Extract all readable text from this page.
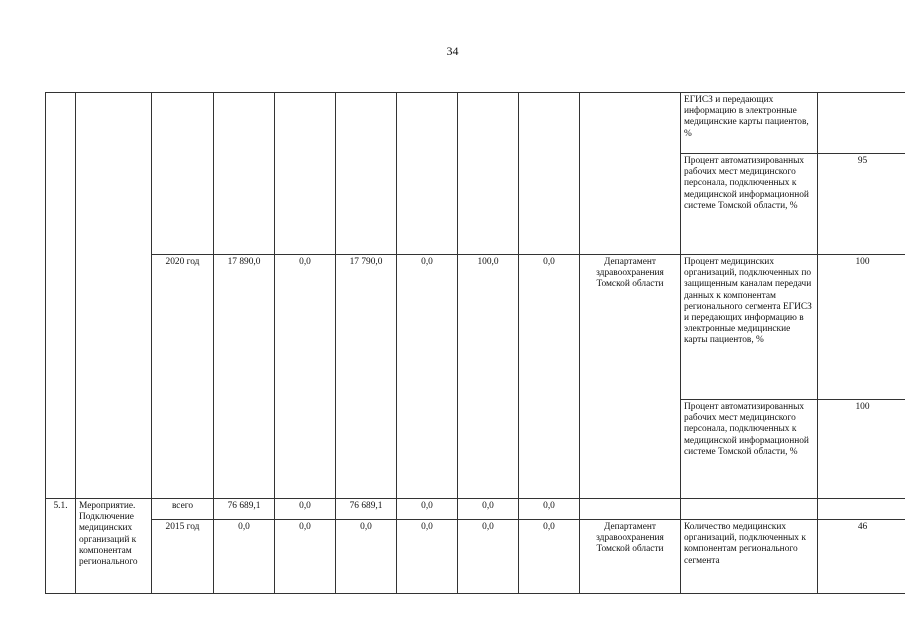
34
										ЕГИСЗ и передающих информацию в электронные медицинские карты пациентов, %	
										Процент автоматизированных рабочих мест медицинского персонала, подключенных к медицинской информационной системе Томской области, %	95
		2020 год	17 890,0	0,0	17 790,0	0,0	100,0	0,0	Департамент здравоохранения Томской области	Процент медицинских организаций, подключенных по защищенным каналам передачи данных к компонентам регионального сегмента ЕГИСЗ и передающих информацию в электронные медицинские карты пациентов, %	100
										Процент автоматизированных рабочих мест медицинского персонала, подключенных к медицинской информационной системе Томской области, %	100
5.1.	Мероприятие. Подключение медицинских организаций к компонентам регионального	всего	76 689,1	0,0	76 689,1	0,0	0,0	0,0			
		2015 год	0,0	0,0	0,0	0,0	0,0	0,0	Департамент здравоохранения Томской области	Количество медицинских организаций, подключенных к компонентам регионального сегмента	46
